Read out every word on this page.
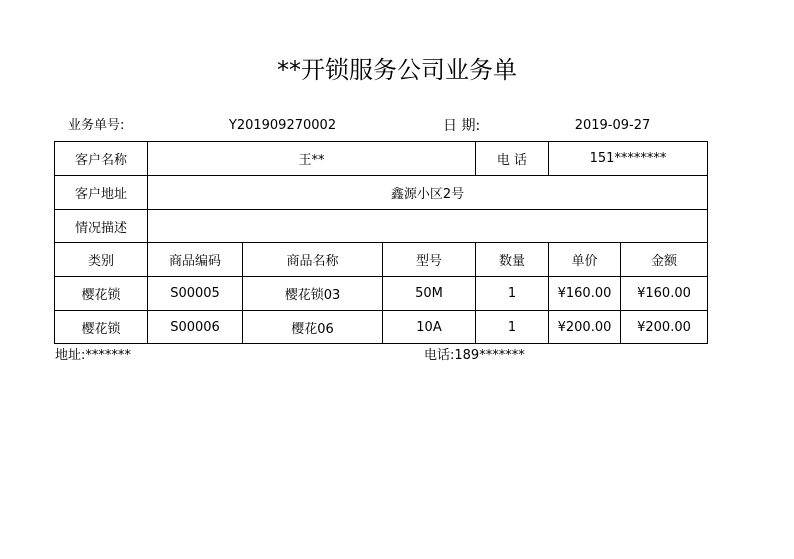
**开锁服务公司业务单
业务单号:	Y201909270002	日 期:	2019-09-27
客户名称	王**			电 话	151********	
客户地址	鑫源小区2号					
情况描述						
类别	商品编码	商品名称	型号	数量	单价	金额
樱花锁	S00005	樱花锁03	50M	1	¥160.00	¥160.00
樱花锁	S00006	樱花06	10A	1	¥200.00	¥200.00
地址:*******	电话:189*******
